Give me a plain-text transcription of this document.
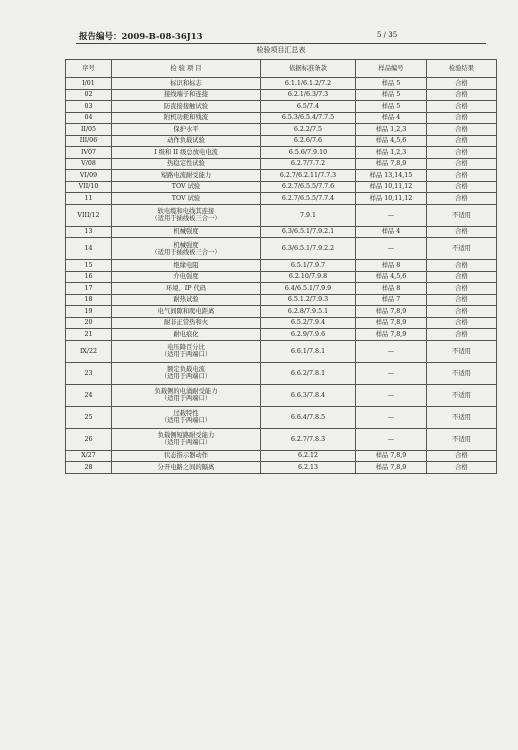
报告编号：2009-B-08-36J13	5 / 35
检验项目汇总表
序号	检 验 项 目	依据标准条款	样品编号	检验结果
I/01	标识和标志	6.1.1/6.1.2/7.2	样品 5	合格
02	接线端子和连接	6.2.1/6.3/7.3	样品 5	合格
03	防直接接触试验	6.5/7.4	样品 5	合格
04	附机功耗和残流	6.5.3/6.5.4/7.7.5	样品 4	合格
II/05	保护水平	6.2.2/7.5	样品 1,2,3	合格
III/06	动作负载试验	6.2.6/7.6	样品 4,5,6	合格
IV07	I 级和 II 级总放电电流	6.5.6/7.9.10	样品 1,2,3	合格
V/08	热稳定性试验	6.2.7/7.7.2	样品 7,8,9	合格
VI/09	短路电流耐受能力	6.2.7/6.2.11/7.7.3	样品 13,14,15	合格
VII/10	TOV 试验	6.2.7/6.5.5/7.7.6	样品 10,11,12	合格
11	TOV 试验	6.2.7/6.5.5/7.7.4	样品 10,11,12	合格
VIII/12	软电缆和电线其连接
（适用于插线板三合一）	7.9.1	—	不适用
13	机械强度	6.3/6.5.1/7.9.2.1	样品 4	合格
14	机械强度
（适用于插线板三合一）	6.3/6.5.1/7.9.2.2	—	不适用
15	绝缘电阻	6.5.1/7.9.7	样品 8	合格
16	介电强度	6.2.10/7.9.8	样品 4,5,6	合格
17	环境、IP 代码	6.4/6.5.1/7.9.9	样品 8	合格
18	耐热试验	6.5.1.2/7.9.3	样品 7	合格
19	电气间隙和爬电距离	6.2.8/7.9.5.1	样品 7,8,9	合格
20	耐非正常热和火	6.5.2/7.9.4	样品 7,8,9	合格
21	耐电痕化	6.2.9/7.9.6	样品 7,8,9	合格
IX/22	电压降百分比
（适用于两端口）	6.6.1/7.8.1	—	不适用
23	额定负载电流
（适用于两端口）	6.6.2/7.8.1	—	不适用
24	负载侧的电涌耐受能力
（适用于两端口）	6.6.3/7.8.4	—	不适用
25	过载特性
（适用于两端口）	6.6.4/7.8.5	—	不适用
26	负载侧短路耐受能力
（适用于两端口）	6.2.7/7.8.3	—	不适用
X/27	状态指示器动作	6.2.12	样品 7,8,9	合格
28	分开电路之间的隔离	6.2.13	样品 7,8,9	合格
